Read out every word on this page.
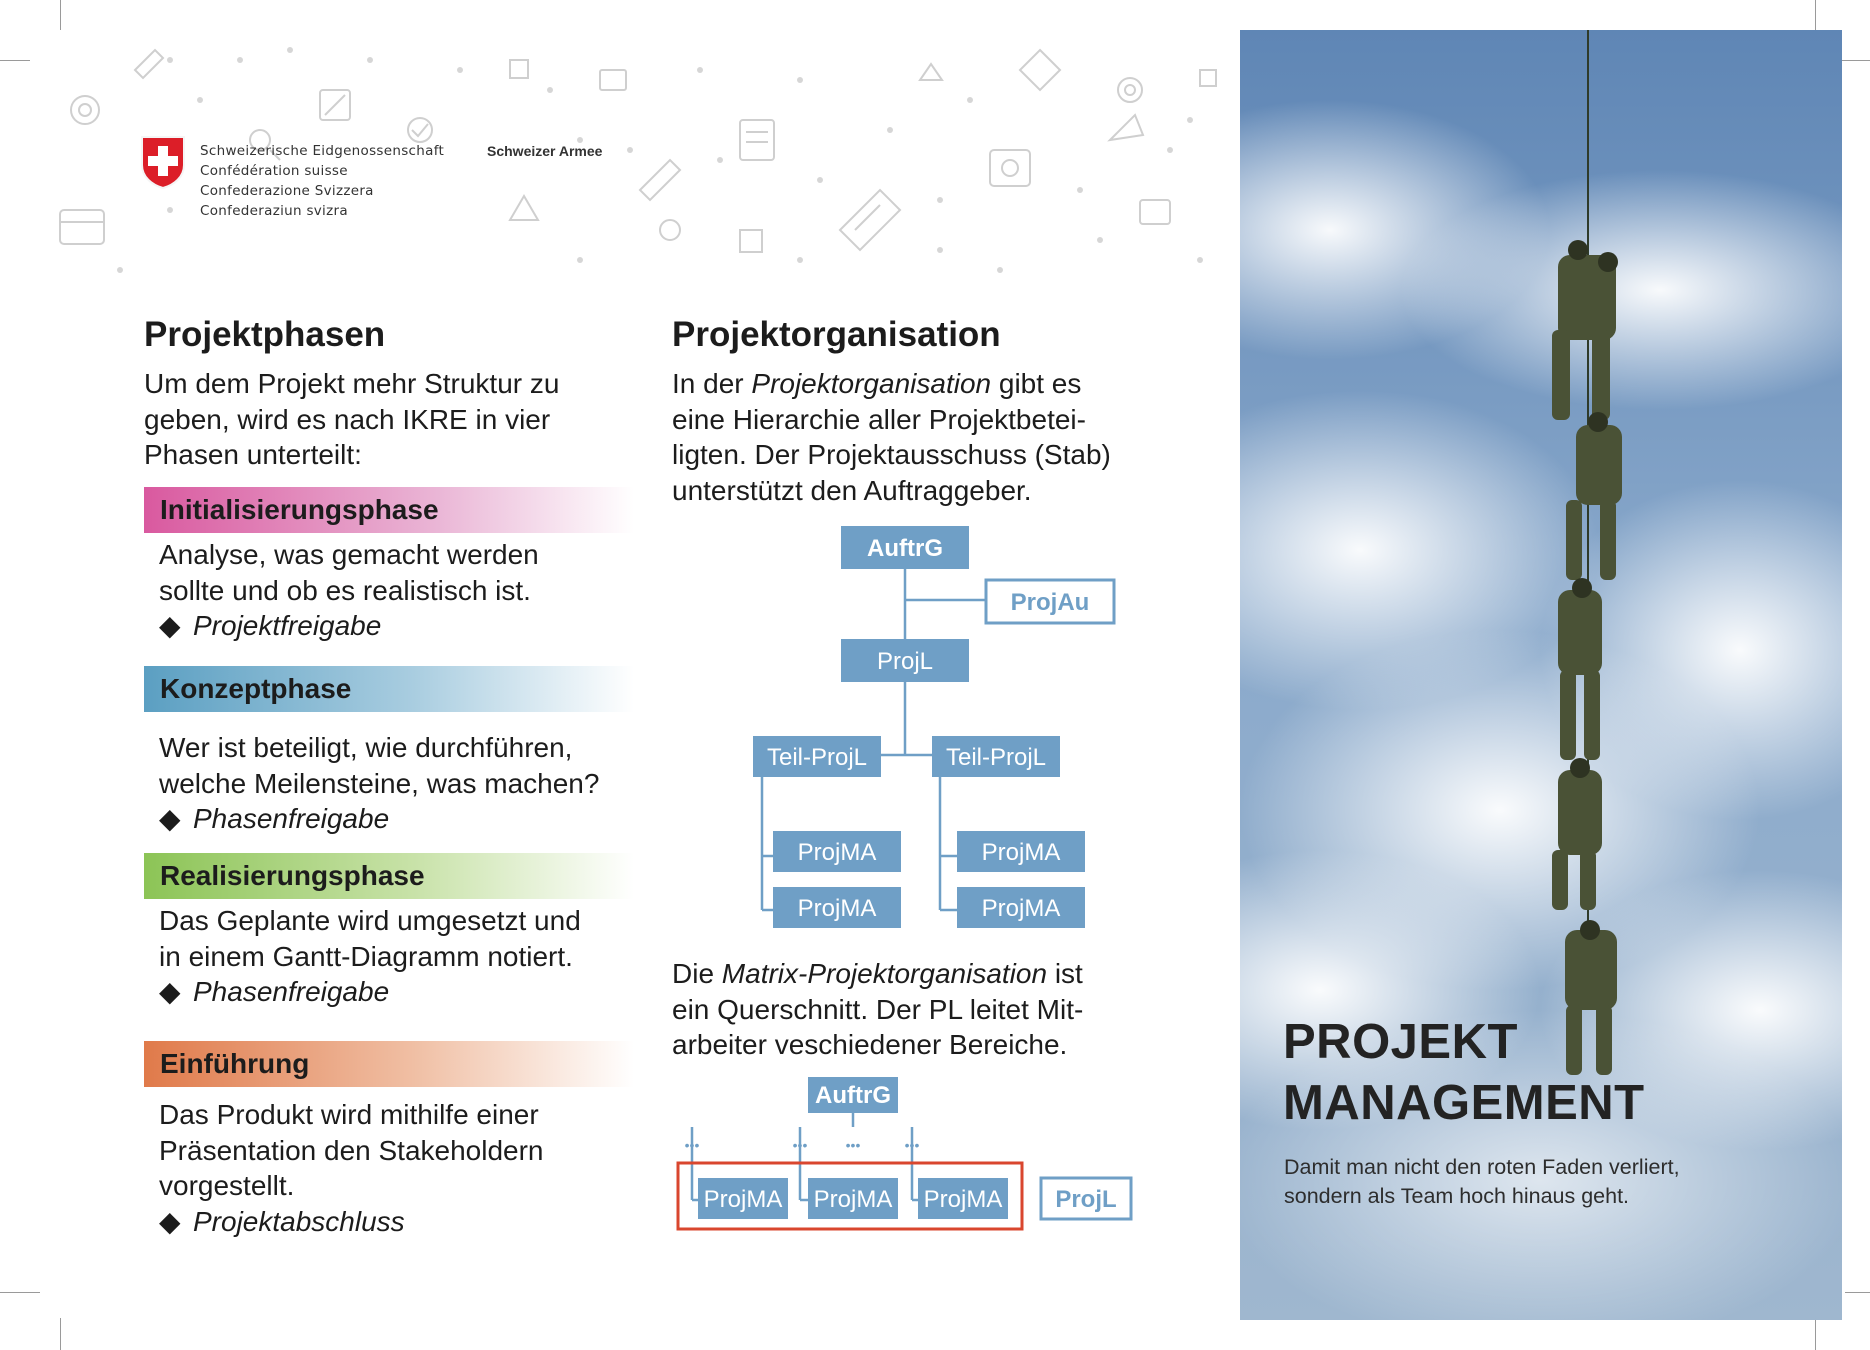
Schweizerische Eidgenossenschaft
Confédération suisse
Confederazione Svizzera
Confederaziun svizra
Schweizer Armee
Projektphasen

Um dem Projekt mehr Struktur zu geben, wird es nach IKRE in vier Phasen unterteilt:

Initialisierungsphase
Analyse, was gemacht werden
sollte und ob es realistisch ist.
◆ Projektfreigabe
Konzeptphase
Wer ist beteiligt, wie durchführen,
welche Meilensteine, was machen?
◆ Phasenfreigabe
Realisierungsphase
Das Geplante wird umgesetzt und
in einem Gantt-Diagramm notiert.
◆ Phasenfreigabe
Einführung
Das Produkt wird mithilfe einer
Präsentation den Stakeholdern
vorgestellt.
◆ Projektabschluss
Projektorganisation
In der Projektorganisation gibt es
eine Hierarchie aller Projektbetei-
ligten. Der Projektausschuss (Stab)
unterstützt den Auftraggeber.
AuftrG
ProjAu
ProjL
Teil-ProjL	Teil-ProjL
ProjMA
ProjMA
ProjMA
ProjMA
Die Matrix-Projektorganisation ist
ein Querschnitt. Der PL leitet Mit-
arbeiter veschiedener Bereiche.
AuftrG
•••	•••	•••	•••
ProjMA ProjMA ProjMA ProjL
PROJEKT
MANAGEMENT
Damit man nicht den roten Faden verliert,
sondern als Team hoch hinaus geht.
